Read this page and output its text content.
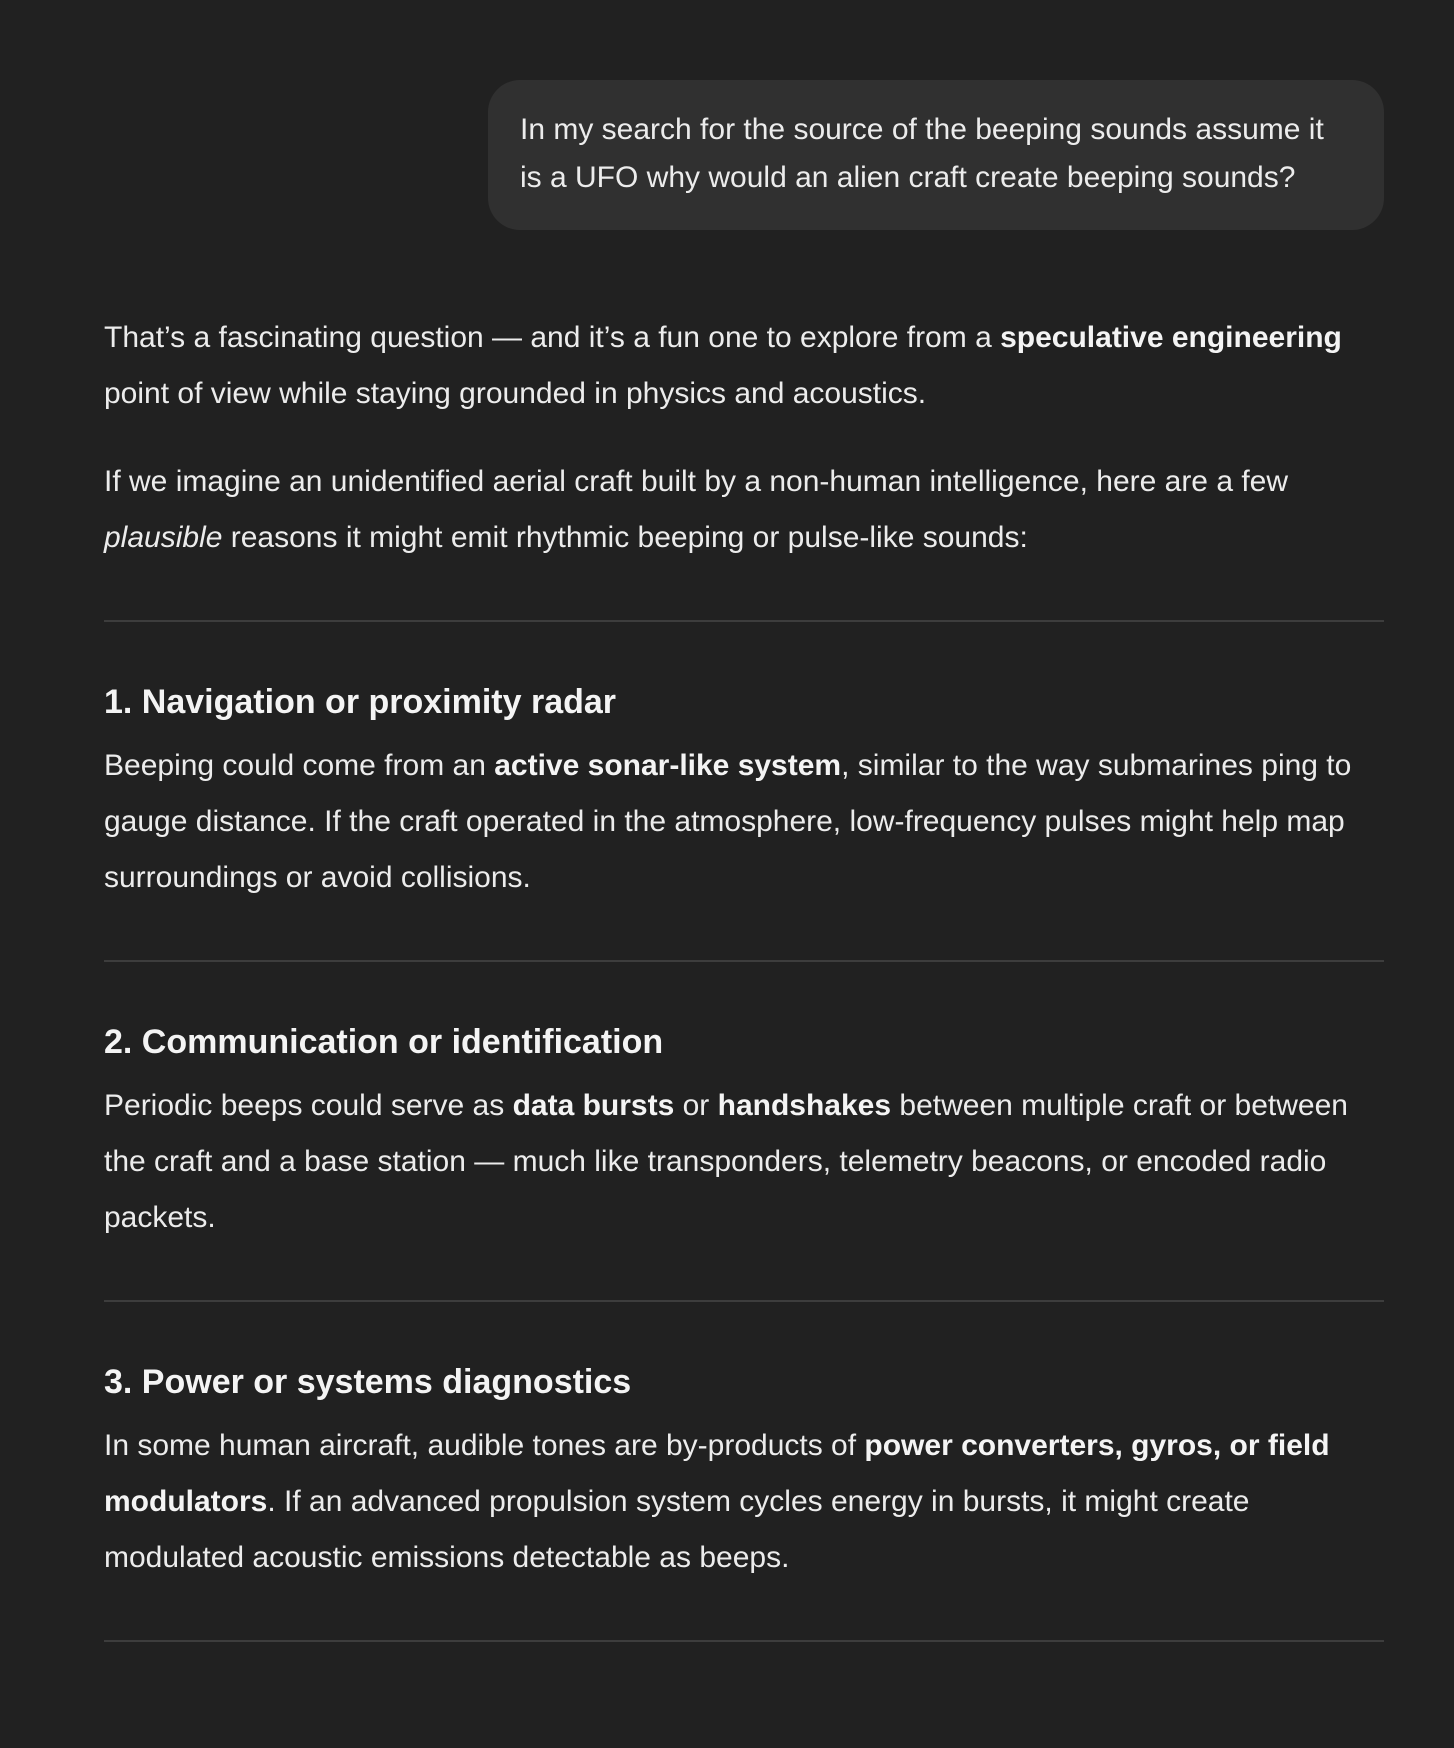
In my search for the source of the beeping sounds assume it is a UFO why would an alien craft create beeping sounds?

That’s a fascinating question — and it’s a fun one to explore from a speculative engineering point of view while staying grounded in physics and acoustics.

If we imagine an unidentified aerial craft built by a non-human intelligence, here are a few plausible reasons it might emit rhythmic beeping or pulse-like sounds:

1. Navigation or proximity radar

Beeping could come from an active sonar-like system, similar to the way submarines ping to gauge distance. If the craft operated in the atmosphere, low-frequency pulses might help map surroundings or avoid collisions.

2. Communication or identification

Periodic beeps could serve as data bursts or handshakes between multiple craft or between the craft and a base station — much like transponders, telemetry beacons, or encoded radio packets.

3. Power or systems diagnostics

In some human aircraft, audible tones are by-products of power converters, gyros, or field modulators. If an advanced propulsion system cycles energy in bursts, it might create modulated acoustic emissions detectable as beeps.
